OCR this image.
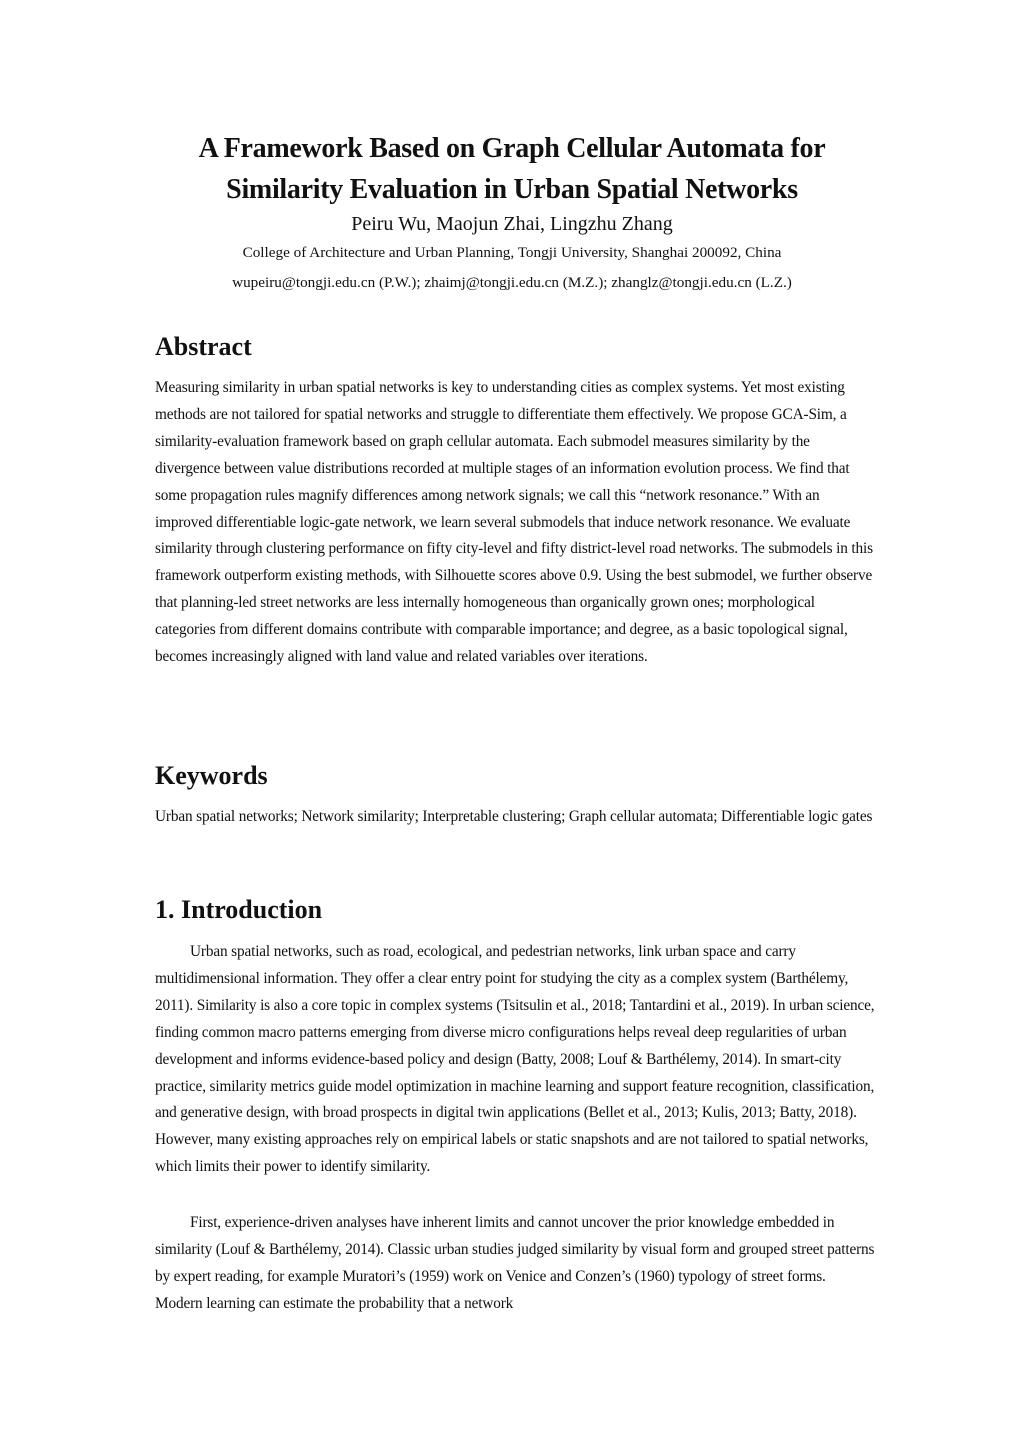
A Framework Based on Graph Cellular Automata for
Similarity Evaluation in Urban Spatial Networks
Peiru Wu, Maojun Zhai, Lingzhu Zhang
College of Architecture and Urban Planning, Tongji University, Shanghai 200092, China
wupeiru@tongji.edu.cn (P.W.); zhaimj@tongji.edu.cn (M.Z.); zhanglz@tongji.edu.cn (L.Z.)
Abstract

Measuring similarity in urban spatial networks is key to understanding cities as complex systems. Yet most existing methods are not tailored for spatial networks and struggle to differentiate them effectively. We propose GCA-Sim, a similarity-evaluation framework based on graph cellular automata. Each submodel measures similarity by the divergence between value distributions recorded at multiple stages of an information evolution process. We find that some propagation rules magnify differences among network signals; we call this “network resonance.” With an improved differentiable logic-gate network, we learn several submodels that induce network resonance. We evaluate similarity through clustering performance on fifty city-level and fifty district-level road networks. The submodels in this framework outperform existing methods, with Silhouette scores above 0.9. Using the best submodel, we further observe that planning-led street networks are less internally homogeneous than organically grown ones; morphological categories from different domains contribute with comparable importance; and degree, as a basic topological signal, becomes increasingly aligned with land value and related variables over iterations.

Keywords

Urban spatial networks; Network similarity; Interpretable clustering; Graph cellular automata; Differentiable logic gates

1. Introduction

Urban spatial networks, such as road, ecological, and pedestrian networks, link urban space and carry multidimensional information. They offer a clear entry point for studying the city as a complex system (Barthélemy, 2011). Similarity is also a core topic in complex systems (Tsitsulin et al., 2018; Tantardini et al., 2019). In urban science, finding common macro patterns emerging from diverse micro configurations helps reveal deep regularities of urban development and informs evidence-based policy and design (Batty, 2008; Louf & Barthélemy, 2014). In smart-city practice, similarity metrics guide model optimization in machine learning and support feature recognition, classification, and generative design, with broad prospects in digital twin applications (Bellet et al., 2013; Kulis, 2013; Batty, 2018). However, many existing approaches rely on empirical labels or static snapshots and are not tailored to spatial networks, which limits their power to identify similarity.

First, experience-driven analyses have inherent limits and cannot uncover the prior knowledge embedded in similarity (Louf & Barthélemy, 2014). Classic urban studies judged similarity by visual form and grouped street patterns by expert reading, for example Muratori’s (1959) work on Venice and Conzen’s (1960) typology of street forms. Modern learning can estimate the probability that a network
